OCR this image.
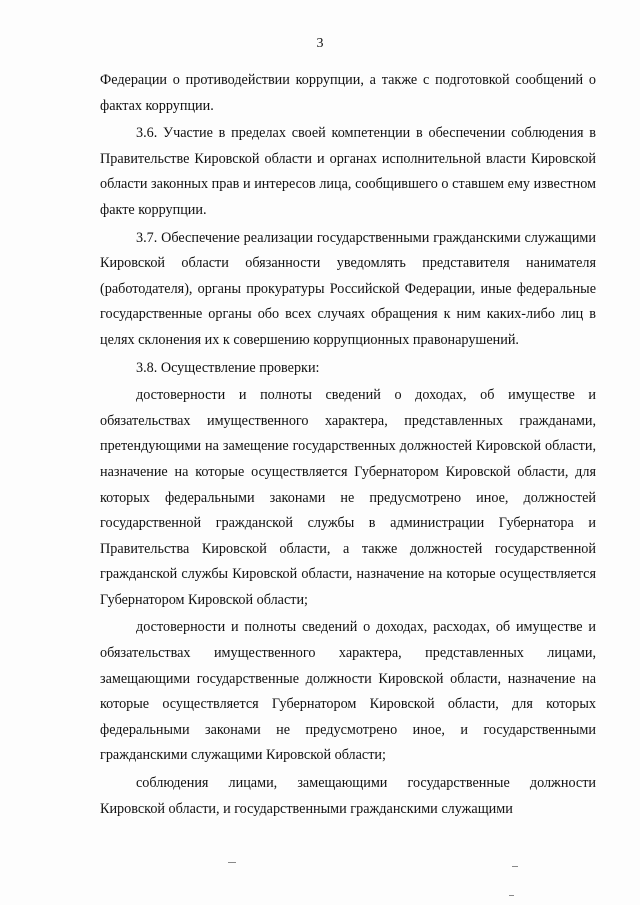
3

Федерации о противодействии коррупции, а также с подготовкой сообщений о фактах коррупции.

3.6. Участие в пределах своей компетенции в обеспечении соблюдения в Правительстве Кировской области и органах исполнительной власти Кировской области законных прав и интересов лица, сообщившего о ставшем ему известном факте коррупции.

3.7. Обеспечение реализации государственными гражданскими служащими Кировской области обязанности уведомлять представителя нанимателя (работодателя), органы прокуратуры Российской Федерации, иные федеральные государственные органы обо всех случаях обращения к ним каких-либо лиц в целях склонения их к совершению коррупционных правонарушений.

3.8. Осуществление проверки:

достоверности и полноты сведений о доходах, об имуществе и обязательствах имущественного характера, представленных гражданами, претендующими на замещение государственных должностей Кировской области, назначение на которые осуществляется Губернатором Кировской области, для которых федеральными законами не предусмотрено иное, должностей государственной гражданской службы в администрации Губернатора и Правительства Кировской области, а также должностей государственной гражданской службы Кировской области, назначение на которые осуществляется Губернатором Кировской области;

достоверности и полноты сведений о доходах, расходах, об имуществе и обязательствах имущественного характера, представленных лицами, замещающими государственные должности Кировской области, назначение на которые осуществляется Губернатором Кировской области, для которых федеральными законами не предусмотрено иное, и государственными гражданскими служащими Кировской области;

соблюдения лицами, замещающими государственные должности Кировской области, и государственными гражданскими служащими
